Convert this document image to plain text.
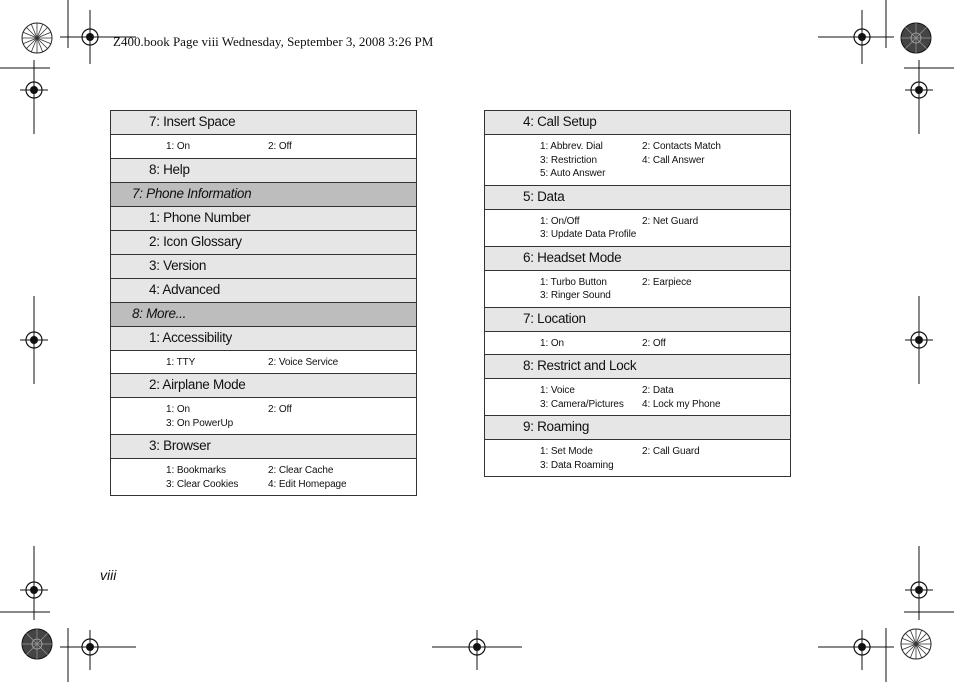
Z400.book Page viii Wednesday, September 3, 2008 3:26 PM
7: Insert Space
1: On	2: Off
8: Help
7: Phone Information
1: Phone Number
2: Icon Glossary
3: Version
4: Advanced
8: More...
1: Accessibility
1: TTY	2: Voice Service
2: Airplane Mode
1: On	2: Off
3: On PowerUp
3: Browser
1: Bookmarks	2: Clear Cache
3: Clear Cookies	4: Edit Homepage
4: Call Setup
1: Abbrev. Dial	2: Contacts Match
3: Restriction	4: Call Answer
5: Auto Answer
5: Data
1: On/Off	2: Net Guard
3: Update Data Profile
6: Headset Mode
1: Turbo Button	2: Earpiece
3: Ringer Sound
7: Location
1: On	2: Off
8: Restrict and Lock
1: Voice	2: Data
3: Camera/Pictures	4: Lock my Phone
9: Roaming
1: Set Mode	2: Call Guard
3: Data Roaming
viii
